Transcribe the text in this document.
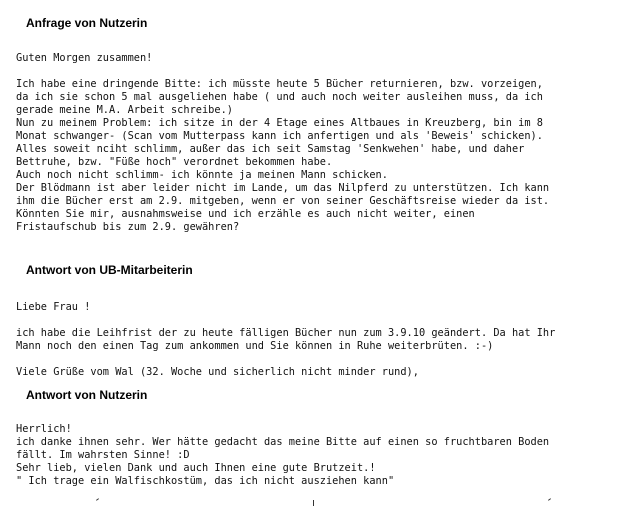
Anfrage von Nutzerin
Guten Morgen zusammen!
Ich habe eine dringende Bitte: ich müsste heute 5 Bücher returnieren, bzw. vorzeigen,
da ich sie schon 5 mal ausgeliehen habe ( und auch noch weiter ausleihen muss, da ich
gerade meine M.A. Arbeit schreibe.)
Nun zu meinem Problem: ich sitze in der 4 Etage eines Altbaues in Kreuzberg, bin im 8
Monat schwanger- (Scan vom Mutterpass kann ich anfertigen und als 'Beweis' schicken).
Alles soweit nciht schlimm, außer das ich seit Samstag 'Senkwehen' habe, und daher
Bettruhe, bzw. "Füße hoch" verordnet bekommen habe.
Auch noch nicht schlimm- ich könnte ja meinen Mann schicken.
Der Blödmann ist aber leider nicht im Lande, um das Nilpferd zu unterstützen. Ich kann
ihm die Bücher erst am 2.9. mitgeben, wenn er von seiner Geschäftsreise wieder da ist.
Könnten Sie mir, ausnahmsweise und ich erzähle es auch nicht weiter, einen
Fristaufschub bis zum 2.9. gewähren?
Antwort von UB-Mitarbeiterin
Liebe Frau !
ich habe die Leihfrist der zu heute fälligen Bücher nun zum 3.9.10 geändert. Da hat Ihr
Mann noch den einen Tag zum ankommen und Sie können in Ruhe weiterbrüten. :-)
Viele Grüße vom Wal (32. Woche und sicherlich nicht minder rund),
Antwort von Nutzerin
Herrlich!
ich danke ihnen sehr. Wer hätte gedacht das meine Bitte auf einen so fruchtbaren Boden
fällt. Im wahrsten Sinne! :D
Sehr lieb, vielen Dank und auch Ihnen eine gute Brutzeit.!
" Ich trage ein Walfischkostüm, das ich nicht ausziehen kann"
